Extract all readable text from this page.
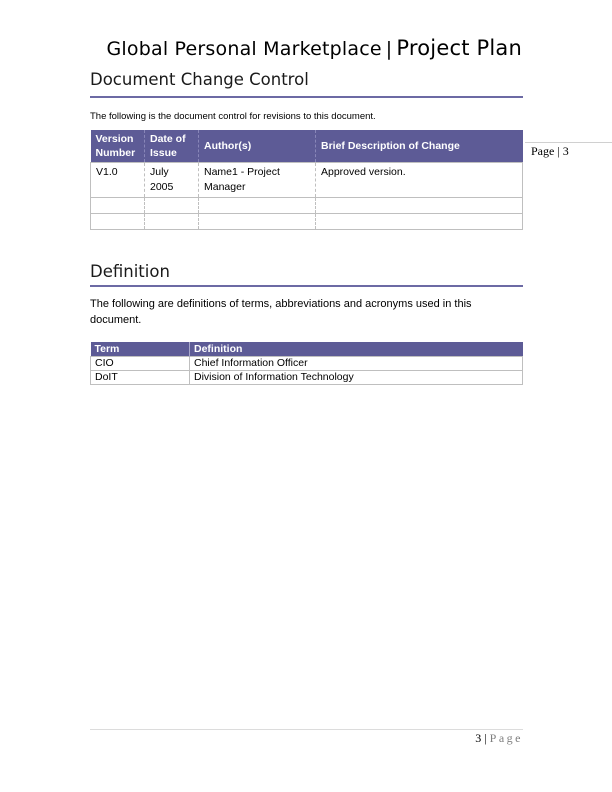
Global Personal Marketplace | Project Plan
Page | 3
Document Change Control
The following is the document control for revisions to this document.
Version Number	Date of Issue	Author(s)	Brief Description of Change
V1.0	July 2005	Name1 - Project Manager	Approved version.

Definition
The following are definitions of terms, abbreviations and acronyms used in this document.
Term	Definition
CIO	Chief Information Officer
DoIT	Division of Information Technology
3 | Page
